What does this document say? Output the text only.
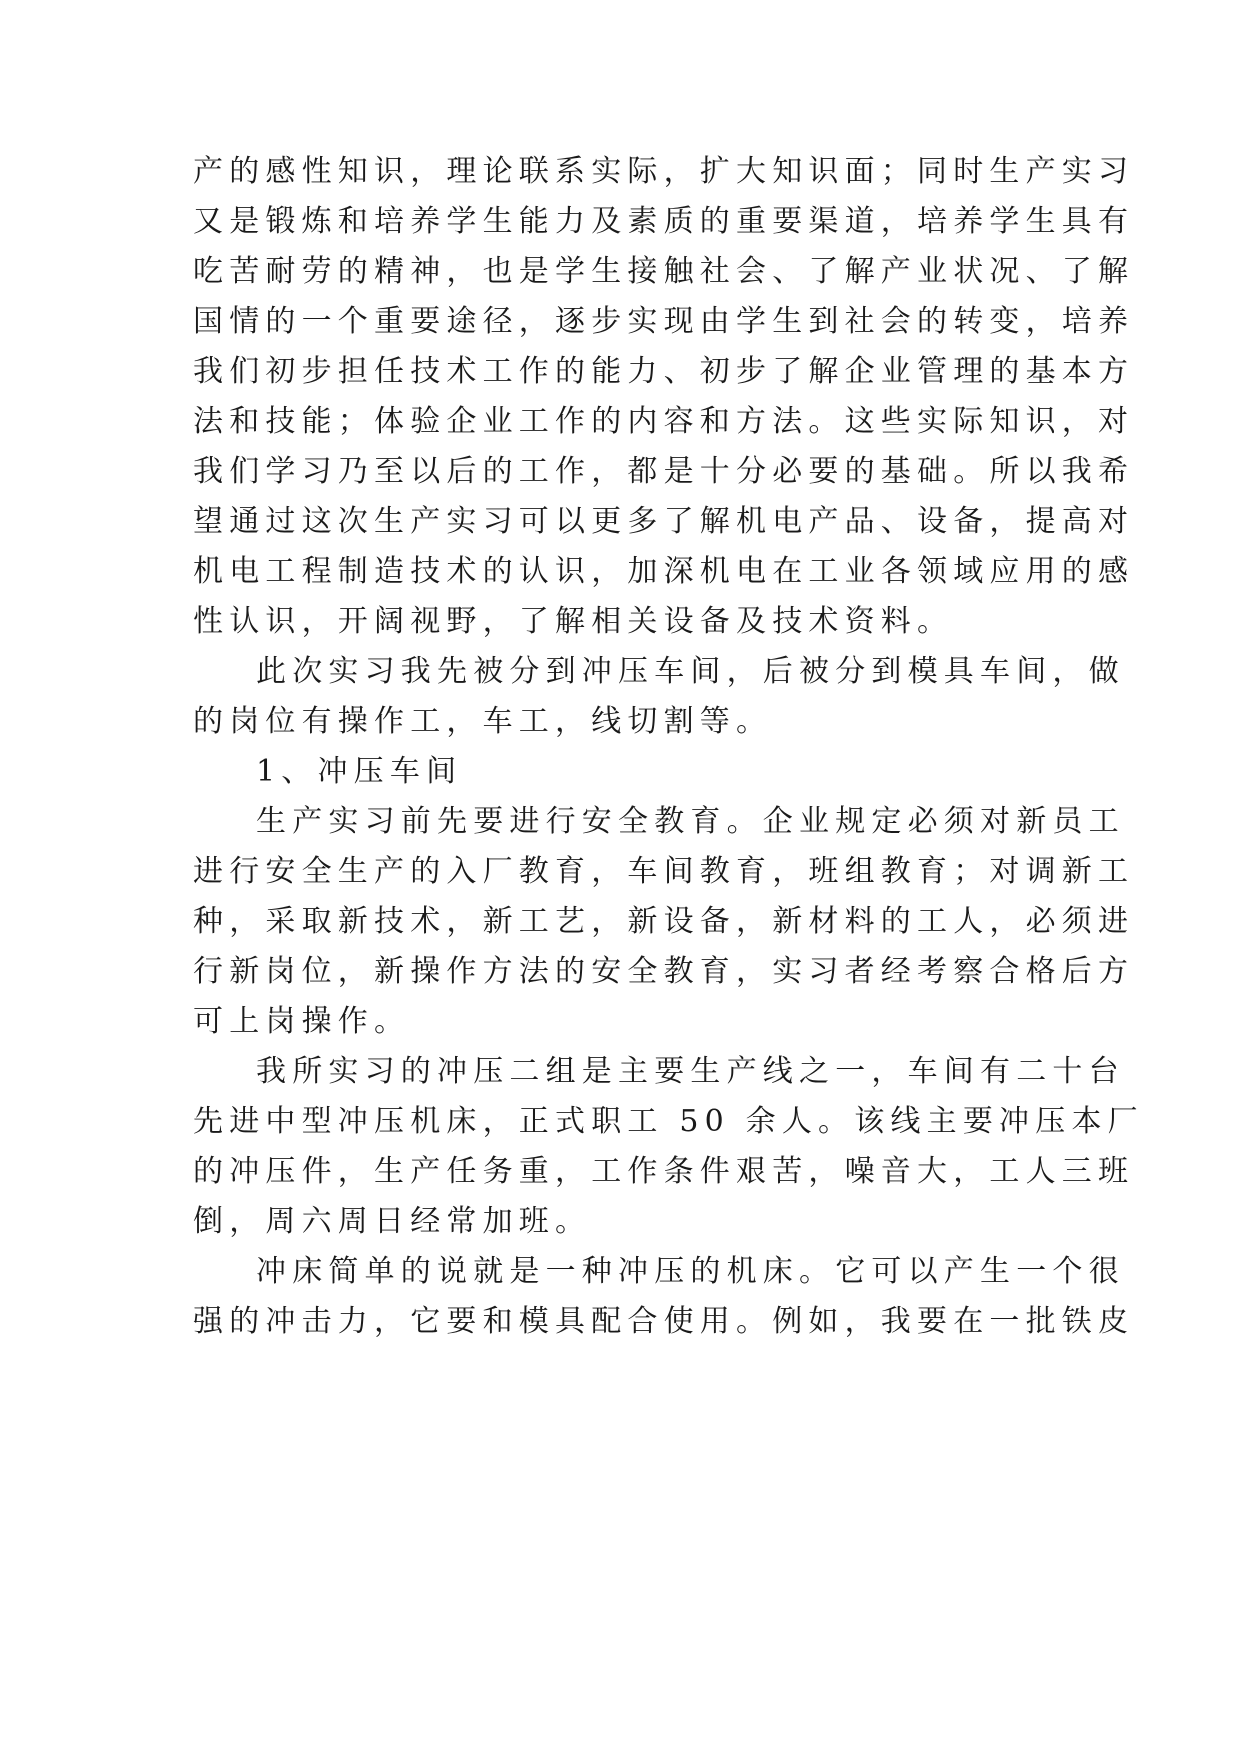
产的感性知识，理论联系实际，扩大知识面；同时生产实习
又是锻炼和培养学生能力及素质的重要渠道，培养学生具有
吃苦耐劳的精神，也是学生接触社会、了解产业状况、了解
国情的一个重要途径，逐步实现由学生到社会的转变，培养
我们初步担任技术工作的能力、初步了解企业管理的基本方
法和技能；体验企业工作的内容和方法。这些实际知识，对
我们学习乃至以后的工作，都是十分必要的基础。所以我希
望通过这次生产实习可以更多了解机电产品、设备，提高对
机电工程制造技术的认识，加深机电在工业各领域应用的感
性认识，开阔视野，了解相关设备及技术资料。
此次实习我先被分到冲压车间，后被分到模具车间，做
的岗位有操作工，车工，线切割等。
1、冲压车间
生产实习前先要进行安全教育。企业规定必须对新员工
进行安全生产的入厂教育，车间教育，班组教育；对调新工
种，采取新技术，新工艺，新设备，新材料的工人，必须进
行新岗位，新操作方法的安全教育，实习者经考察合格后方
可上岗操作。
我所实习的冲压二组是主要生产线之一，车间有二十台
先进中型冲压机床，正式职工 50 余人。该线主要冲压本厂
的冲压件，生产任务重，工作条件艰苦，噪音大，工人三班
倒，周六周日经常加班。
冲床简单的说就是一种冲压的机床。它可以产生一个很
强的冲击力，它要和模具配合使用。例如，我要在一批铁皮
